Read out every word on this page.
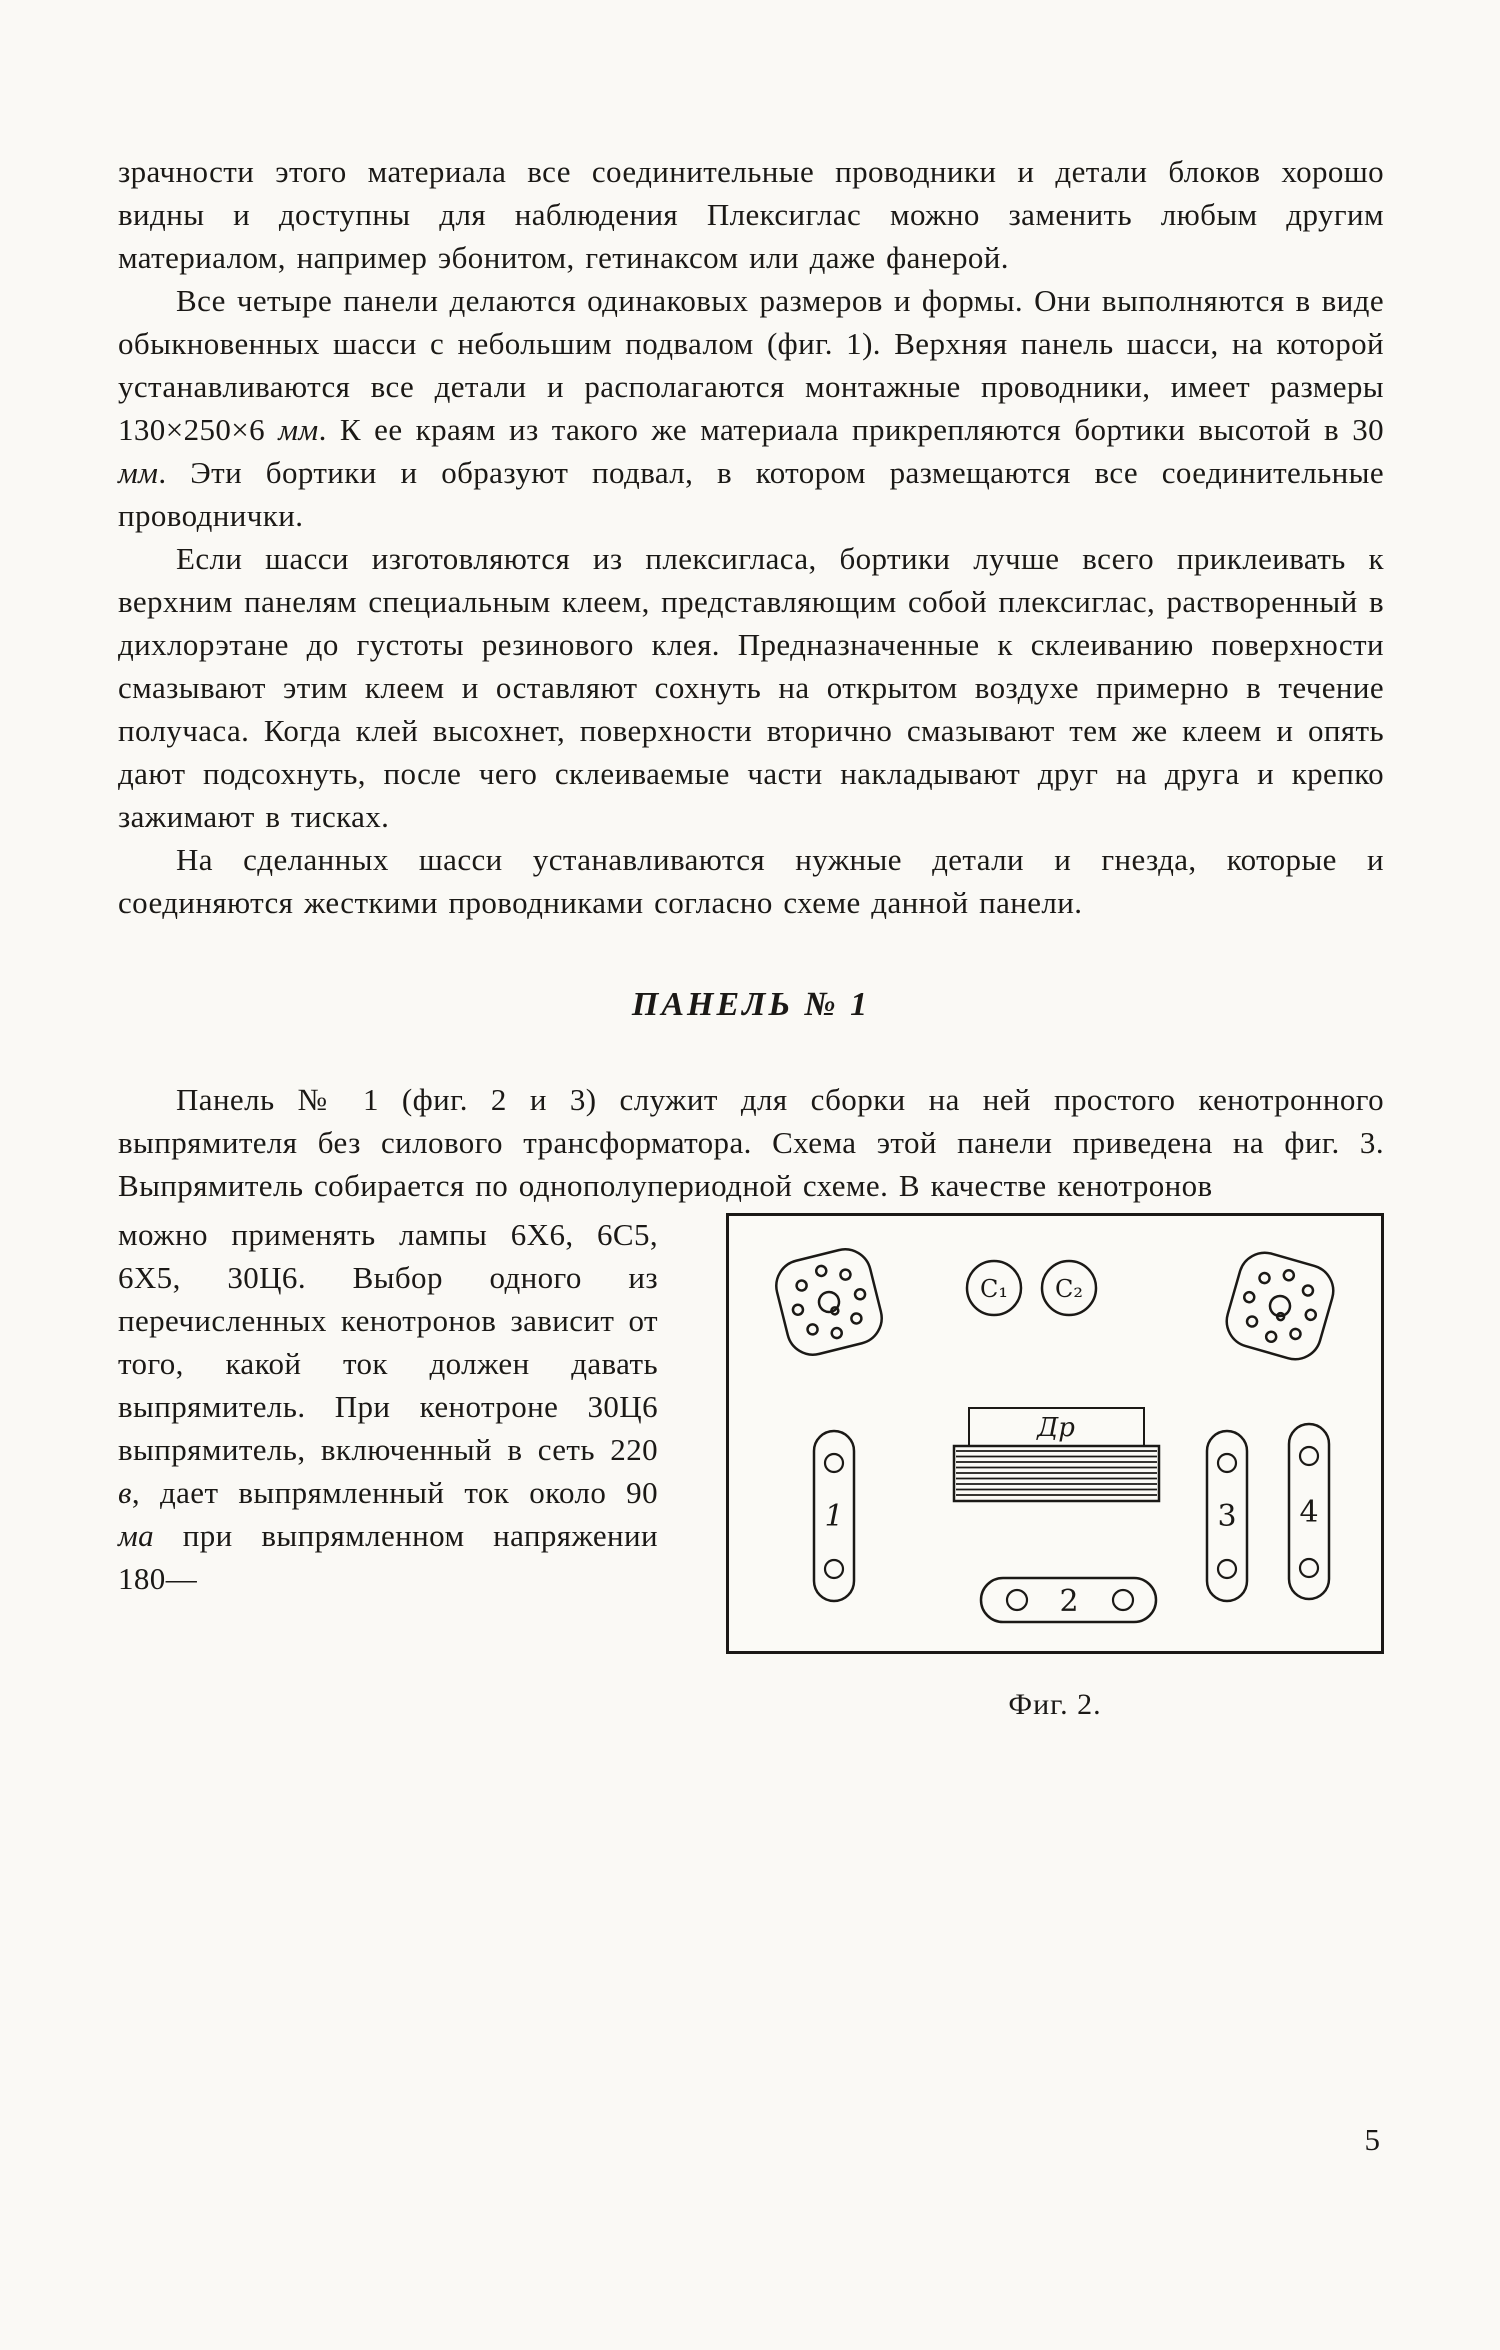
зрачности этого материала все соединительные проводники и детали блоков хорошо видны и доступны для наблюдения Плексиглас можно заменить любым другим материалом, например эбонитом, гетинаксом или даже фанерой.

Все четыре панели делаются одинаковых размеров и формы. Они выполняются в виде обыкновенных шасси с небольшим подвалом (фиг. 1). Верхняя панель шасси, на которой устанавливаются все детали и располагаются монтажные проводники, имеет размеры 130×250×6 мм. К ее краям из такого же материала прикрепляются бортики высотой в 30 мм. Эти бортики и образуют подвал, в котором размещаются все соединительные проводнички.

Если шасси изготовляются из плексигласа, бортики лучше всего приклеивать к верхним панелям специальным клеем, представляющим собой плексиглас, растворенный в дихлорэтане до густоты резинового клея. Предназначенные к склеиванию поверхности смазывают этим клеем и оставляют сохнуть на открытом воздухе примерно в течение получаса. Когда клей высохнет, поверхности вторично смазывают тем же клеем и опять дают подсохнуть, после чего склеиваемые части накладывают друг на друга и крепко зажимают в тисках.

На сделанных шасси устанавливаются нужные детали и гнезда, которые и соединяются жесткими проводниками согласно схеме данной панели.

ПАНЕЛЬ № 1

Панель № 1 (фиг. 2 и 3) служит для сборки на ней простого кенотронного выпрямителя без силового трансформатора. Схема этой панели приведена на фиг. 3. Выпрямитель собирается по однополупериодной схеме. В качестве кенотронов

можно применять лампы 6Х6, 6С5, 6Х5, 30Ц6. Выбор одного из перечисленных кенотронов зависит от того, какой ток должен давать выпрямитель. При кенотроне 30Ц6 выпрямитель, включенный в сеть 220 в, дает выпрямленный ток около 90 ма при выпрямленном напряжении 180—

C₁ C₂
Др
1
2
3 4
Фиг. 2.
5
